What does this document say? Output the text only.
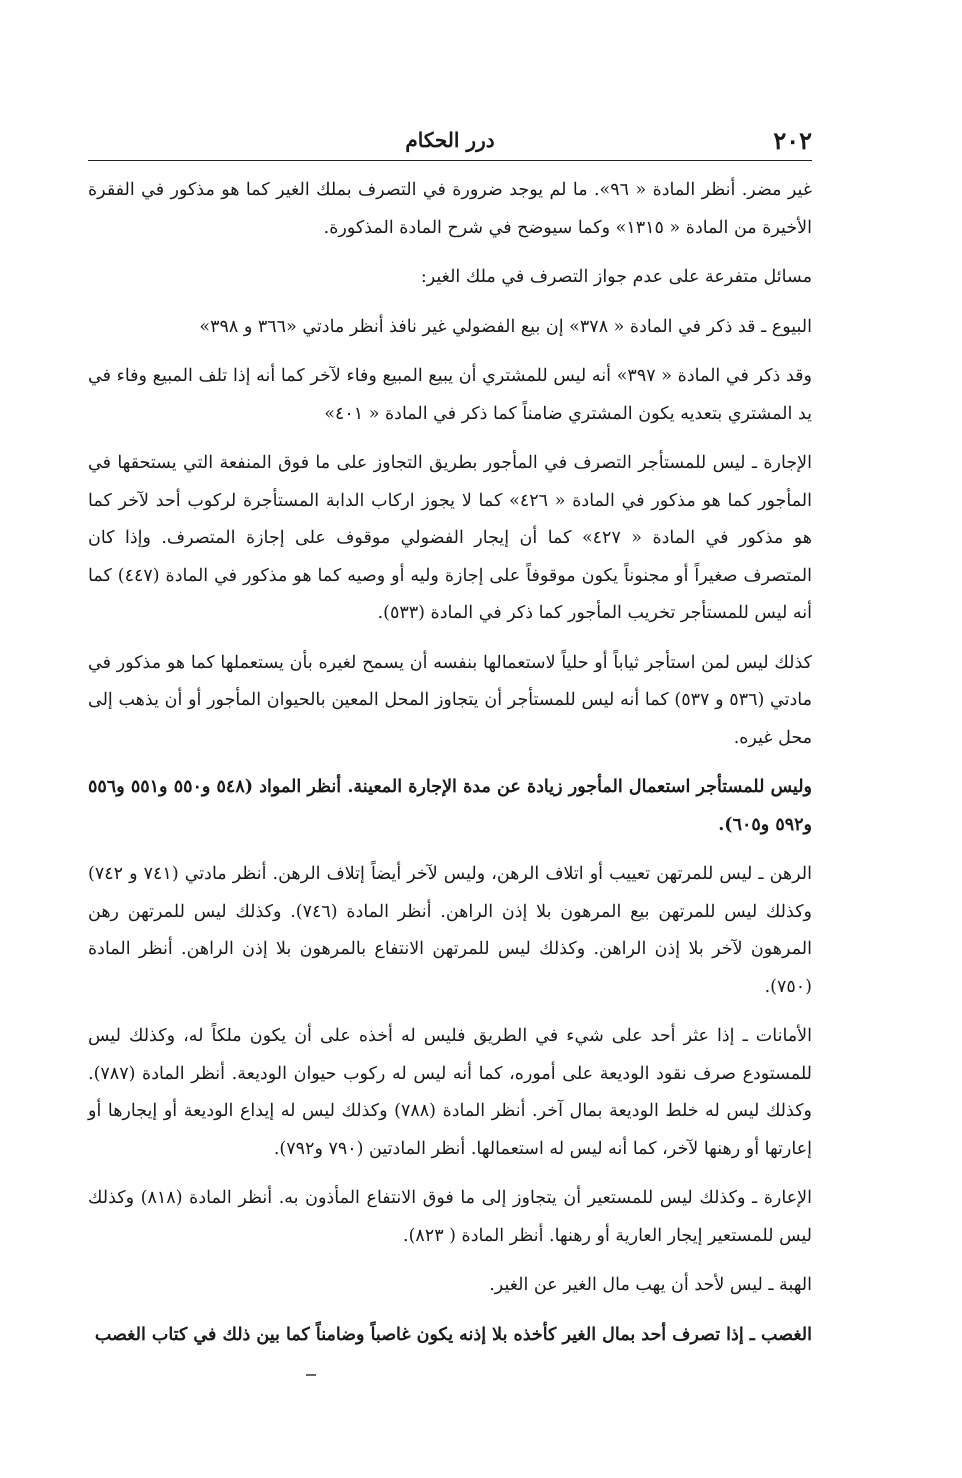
٢٠٢
درر الحكام

غير مضر. أنظر المادة « ٩٦». ما لم يوجد ضرورة في التصرف بملك الغير كما هو مذكور في الفقرة الأخيرة من المادة « ١٣١٥» وكما سيوضح في شرح المادة المذكورة.

مسائل متفرعة على عدم جواز التصرف في ملك الغير:

البيوع ـ قد ذكر في المادة « ٣٧٨» إن بيع الفضولي غير نافذ أنظر مادتي «٣٦٦ و ٣٩٨»

وقد ذكر في المادة « ٣٩٧» أنه ليس للمشتري أن يبيع المبيع وفاء لآخر كما أنه إذا تلف المبيع وفاء في يد المشتري بتعديه يكون المشتري ضامناً كما ذكر في المادة « ٤٠١»

الإجارة ـ ليس للمستأجر التصرف في المأجور بطريق التجاوز على ما فوق المنفعة التي يستحقها في المأجور كما هو مذكور في المادة « ٤٢٦» كما لا يجوز اركاب الدابة المستأجرة لركوب أحد لآخر كما هو مذكور في المادة « ٤٢٧» كما أن إيجار الفضولي موقوف على إجازة المتصرف. وإذا كان المتصرف صغيراً أو مجنوناً يكون موقوفاً على إجازة وليه أو وصيه كما هو مذكور في المادة (٤٤٧) كما أنه ليس للمستأجر تخريب المأجور كما ذكر في المادة (٥٣٣).

كذلك ليس لمن استأجر ثياباً أو حلياً لاستعمالها بنفسه أن يسمح لغيره بأن يستعملها كما هو مذكور في مادتي (٥٣٦ و ٥٣٧) كما أنه ليس للمستأجر أن يتجاوز المحل المعين بالحيوان المأجور أو أن يذهب إلى محل غيره.

وليس للمستأجر استعمال المأجور زيادة عن مدة الإجارة المعينة. أنظر المواد (٥٤٨ و٥٥٠ و٥٥١ و٥٥٦ و٥٩٢ و٦٠٥).

الرهن ـ ليس للمرتهن تعييب أو اتلاف الرهن، وليس لآخر أيضاً إتلاف الرهن. أنظر مادتي (٧٤١ و ٧٤٢) وكذلك ليس للمرتهن بيع المرهون بلا إذن الراهن. أنظر المادة (٧٤٦). وكذلك ليس للمرتهن رهن المرهون لآخر بلا إذن الراهن. وكذلك ليس للمرتهن الانتفاع بالمرهون بلا إذن الراهن. أنظر المادة (٧٥٠).

الأمانات ـ إذا عثر أحد على شيء في الطريق فليس له أخذه على أن يكون ملكاً له، وكذلك ليس للمستودع صرف نقود الوديعة على أموره، كما أنه ليس له ركوب حيوان الوديعة. أنظر المادة (٧٨٧). وكذلك ليس له خلط الوديعة بمال آخر. أنظر المادة (٧٨٨) وكذلك ليس له إيداع الوديعة أو إيجارها أو إعارتها أو رهنها لآخر، كما أنه ليس له استعمالها. أنظر المادتين (٧٩٠ و٧٩٢).

الإعارة ـ وكذلك ليس للمستعير أن يتجاوز إلى ما فوق الانتفاع المأذون به. أنظر المادة (٨١٨) وكذلك ليس للمستعير إيجار العارية أو رهنها. أنظر المادة ( ٨٢٣).

الهبة ـ ليس لأحد أن يهب مال الغير عن الغير.

الغصب ـ إذا تصرف أحد بمال الغير كأخذه بلا إذنه يكون غاصباً وضامناً كما بين ذلك في كتاب الغصب
